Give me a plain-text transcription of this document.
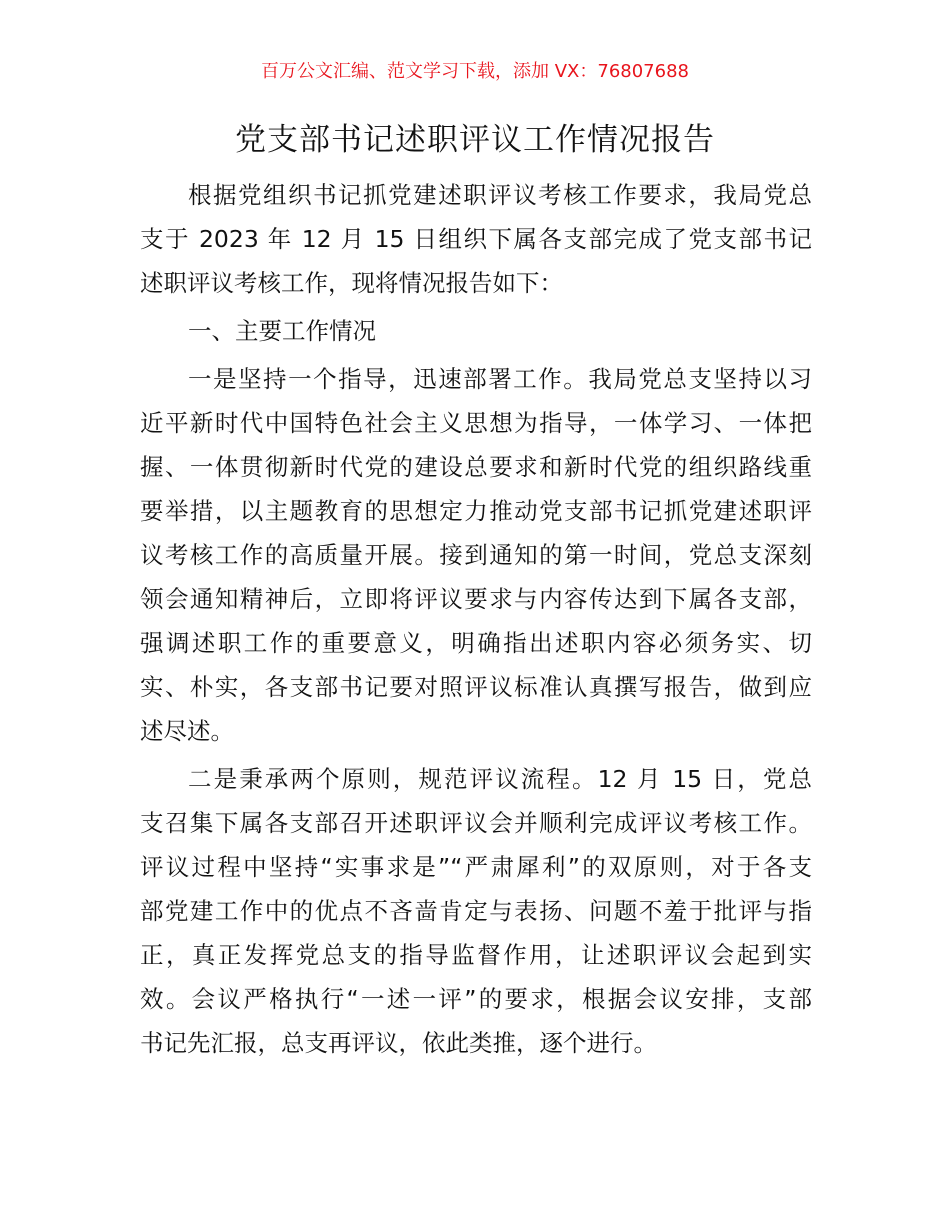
百万公文汇编、范文学习下载，添加 VX：76807688
党支部书记述职评议工作情况报告
根据党组织书记抓党建述职评议考核工作要求，我局党总
支于 2023 年 12 月 15 日组织下属各支部完成了党支部书记
述职评议考核工作，现将情况报告如下：
一、主要工作情况
一是坚持一个指导，迅速部署工作。我局党总支坚持以习
近平新时代中国特色社会主义思想为指导，一体学习、一体把
握、一体贯彻新时代党的建设总要求和新时代党的组织路线重
要举措，以主题教育的思想定力推动党支部书记抓党建述职评
议考核工作的高质量开展。接到通知的第一时间，党总支深刻
领会通知精神后，立即将评议要求与内容传达到下属各支部，
强调述职工作的重要意义，明确指出述职内容必须务实、切
实、朴实，各支部书记要对照评议标准认真撰写报告，做到应
述尽述。
二是秉承两个原则，规范评议流程。12 月 15 日，党总
支召集下属各支部召开述职评议会并顺利完成评议考核工作。
评议过程中坚持“实事求是”“严肃犀利”的双原则，对于各支
部党建工作中的优点不吝啬肯定与表扬、问题不羞于批评与指
正，真正发挥党总支的指导监督作用，让述职评议会起到实
效。会议严格执行“一述一评”的要求，根据会议安排，支部
书记先汇报，总支再评议，依此类推，逐个进行。
